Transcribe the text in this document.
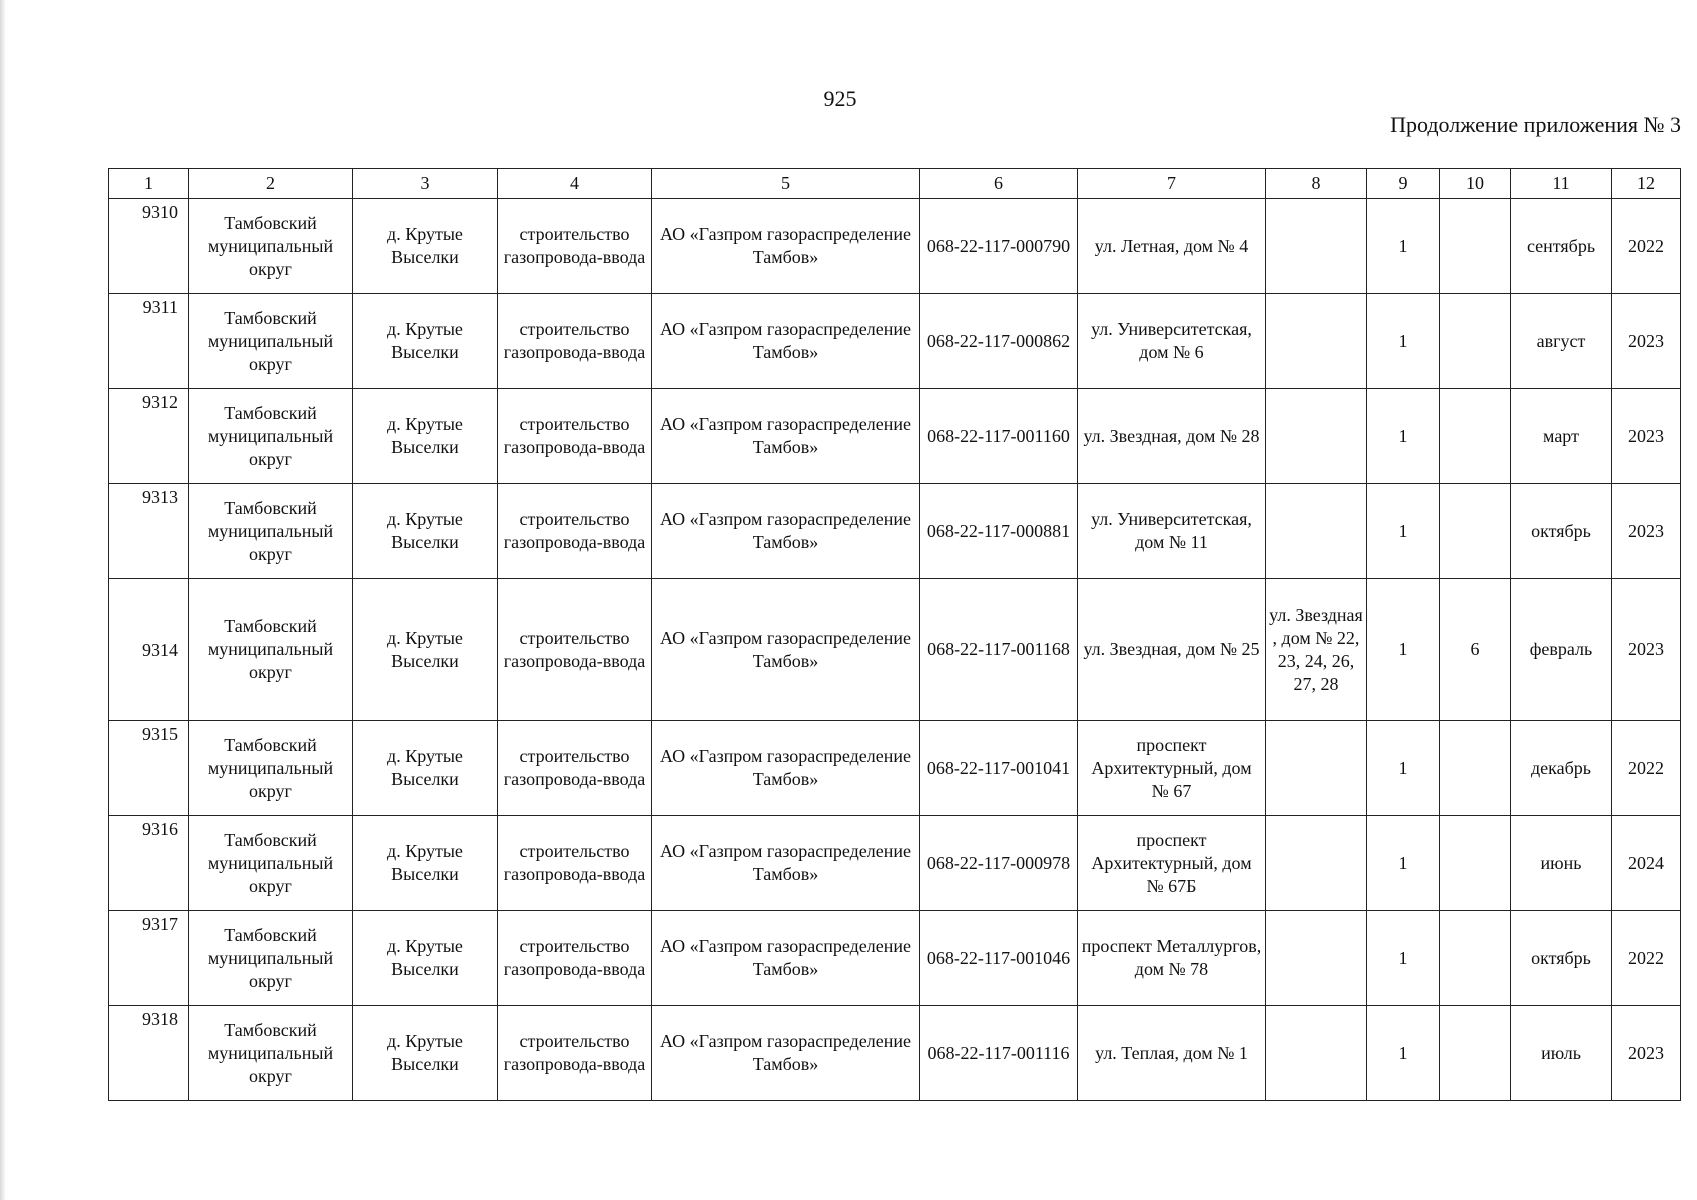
925
Продолжение приложения № 3
1	2	3	4	5	6	7	8	9	10	11	12
9310	Тамбовский муниципальный округ	д. Крутые Выселки	строительство газопровода-ввода	АО «Газпром газораспределение Тамбов»	068-22-117-000790	ул. Летная, дом № 4		1		сентябрь	2022
9311	Тамбовский муниципальный округ	д. Крутые Выселки	строительство газопровода-ввода	АО «Газпром газораспределение Тамбов»	068-22-117-000862	ул. Университетская, дом № 6		1		август	2023
9312	Тамбовский муниципальный округ	д. Крутые Выселки	строительство газопровода-ввода	АО «Газпром газораспределение Тамбов»	068-22-117-001160	ул. Звездная, дом № 28		1		март	2023
9313	Тамбовский муниципальный округ	д. Крутые Выселки	строительство газопровода-ввода	АО «Газпром газораспределение Тамбов»	068-22-117-000881	ул. Университетская, дом № 11		1		октябрь	2023
9314	Тамбовский муниципальный округ	д. Крутые Выселки	строительство газопровода-ввода	АО «Газпром газораспределение Тамбов»	068-22-117-001168	ул. Звездная, дом № 25	ул. Звездная , дом № 22, 23, 24, 26, 27, 28	1	6	февраль	2023
9315	Тамбовский муниципальный округ	д. Крутые Выселки	строительство газопровода-ввода	АО «Газпром газораспределение Тамбов»	068-22-117-001041	проспект Архитектурный, дом № 67		1		декабрь	2022
9316	Тамбовский муниципальный округ	д. Крутые Выселки	строительство газопровода-ввода	АО «Газпром газораспределение Тамбов»	068-22-117-000978	проспект Архитектурный, дом № 67Б		1		июнь	2024
9317	Тамбовский муниципальный округ	д. Крутые Выселки	строительство газопровода-ввода	АО «Газпром газораспределение Тамбов»	068-22-117-001046	проспект Металлургов, дом № 78		1		октябрь	2022
9318	Тамбовский муниципальный округ	д. Крутые Выселки	строительство газопровода-ввода	АО «Газпром газораспределение Тамбов»	068-22-117-001116	ул. Теплая, дом № 1		1		июль	2023
